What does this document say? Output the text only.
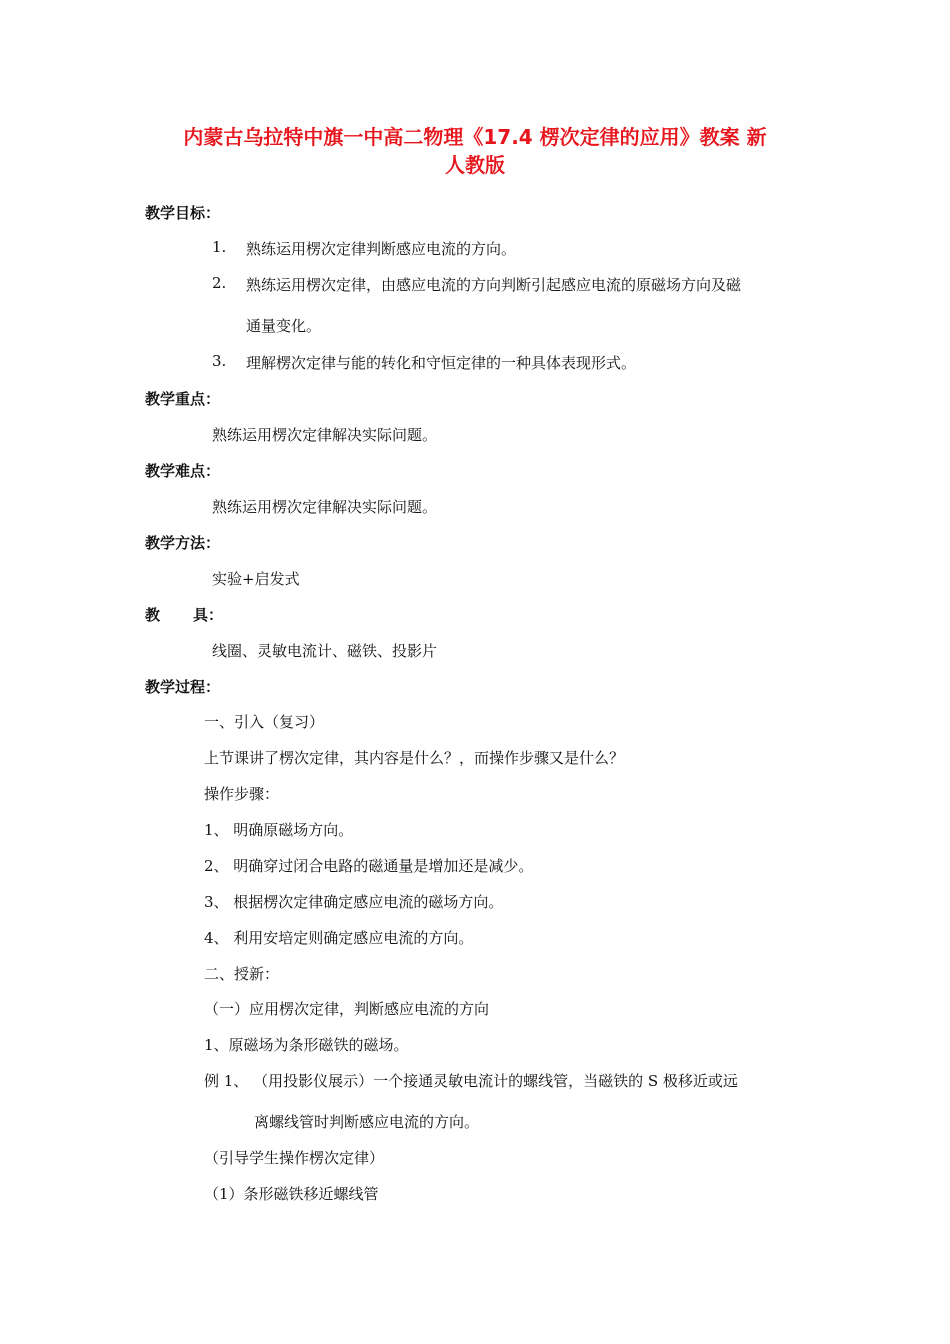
内蒙古乌拉特中旗一中高二物理《17.4 楞次定律的应用》教案 新
人教版
教学目标：
1. 熟练运用楞次定律判断感应电流的方向。
2. 熟练运用楞次定律，由感应电流的方向判断引起感应电流的原磁场方向及磁
通量变化。
3. 理解楞次定律与能的转化和守恒定律的一种具体表现形式。
教学重点：
熟练运用楞次定律解决实际问题。
教学难点：
熟练运用楞次定律解决实际问题。
教学方法：
实验+启发式
教 具：
线圈、灵敏电流计、磁铁、投影片
教学过程：
一、引入（复习）
上节课讲了楞次定律，其内容是什么？，而操作步骤又是什么？
操作步骤：
1、 明确原磁场方向。
2、 明确穿过闭合电路的磁通量是增加还是减少。
3、 根据楞次定律确定感应电流的磁场方向。
4、 利用安培定则确定感应电流的方向。
二、授新：
（一）应用楞次定律，判断感应电流的方向
1、原磁场为条形磁铁的磁场。
例 1、 （用投影仪展示）一个接通灵敏电流计的螺线管，当磁铁的 S 极移近或远
离螺线管时判断感应电流的方向。
（引导学生操作楞次定律）
（1）条形磁铁移近螺线管
